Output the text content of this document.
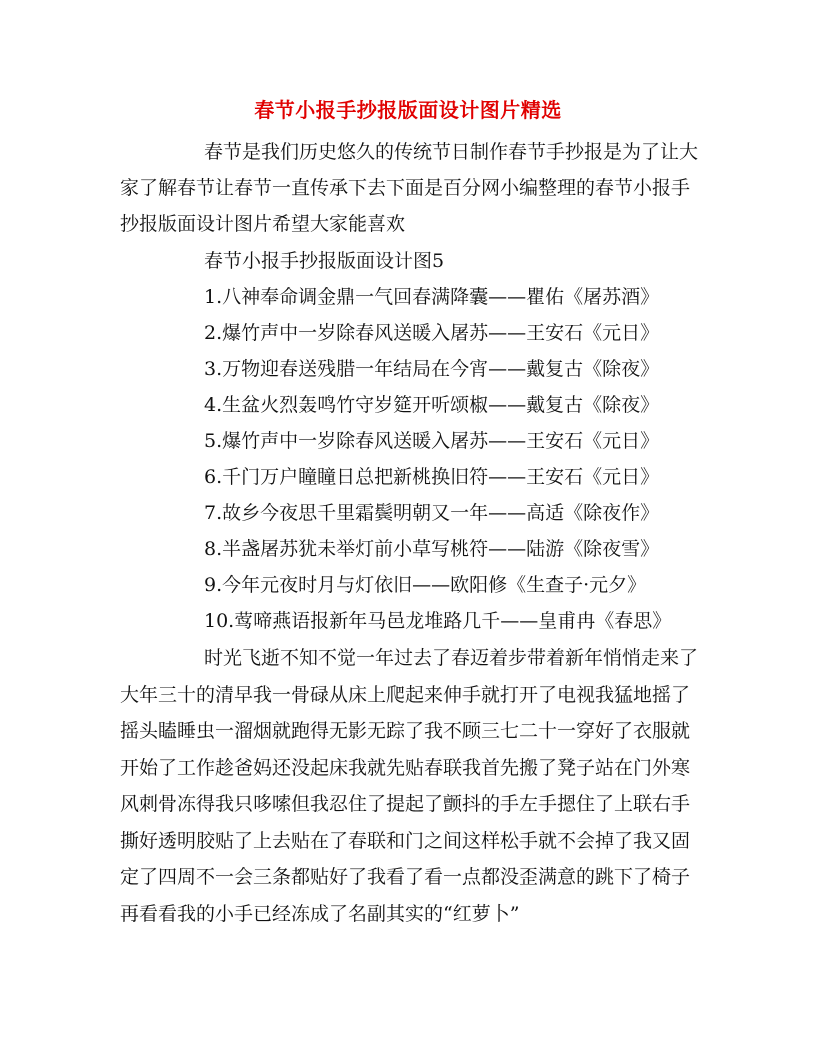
春节小报手抄报版面设计图片精选
春节是我们历史悠久的传统节日制作春节手抄报是为了让大
家了解春节让春节一直传承下去下面是百分网小编整理的春节小报手
抄报版面设计图片希望大家能喜欢
春节小报手抄报版面设计图5
1.八神奉命调金鼎一气回春满降囊——瞿佑《屠苏酒》
2.爆竹声中一岁除春风送暖入屠苏——王安石《元日》
3.万物迎春送残腊一年结局在今宵——戴复古《除夜》
4.生盆火烈轰鸣竹守岁筵开听颂椒——戴复古《除夜》
5.爆竹声中一岁除春风送暖入屠苏——王安石《元日》
6.千门万户瞳瞳日总把新桃换旧符——王安石《元日》
7.故乡今夜思千里霜鬓明朝又一年——高适《除夜作》
8.半盏屠苏犹未举灯前小草写桃符——陆游《除夜雪》
9.今年元夜时月与灯依旧——欧阳修《生查子·元夕》
10.莺啼燕语报新年马邑龙堆路几千——皇甫冉《春思》
时光飞逝不知不觉一年过去了春迈着步带着新年悄悄走来了
大年三十的清早我一骨碌从床上爬起来伸手就打开了电视我猛地摇了
摇头瞌睡虫一溜烟就跑得无影无踪了我不顾三七二十一穿好了衣服就
开始了工作趁爸妈还没起床我就先贴春联我首先搬了凳子站在门外寒
风刺骨冻得我只哆嗦但我忍住了提起了颤抖的手左手摁住了上联右手
撕好透明胶贴了上去贴在了春联和门之间这样松手就不会掉了我又固
定了四周不一会三条都贴好了我看了看一点都没歪满意的跳下了椅子
再看看我的小手已经冻成了名副其实的“红萝卜”
